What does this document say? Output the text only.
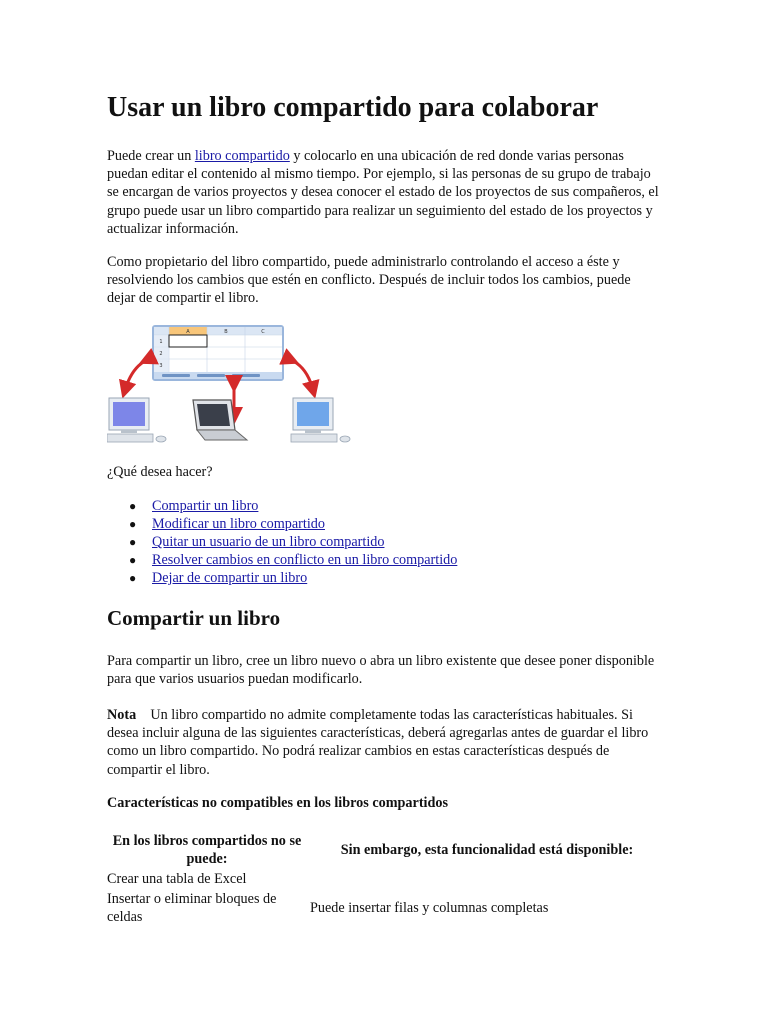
Usar un libro compartido para colaborar

Puede crear un libro compartido y colocarlo en una ubicación de red donde varias personas puedan editar el contenido al mismo tiempo. Por ejemplo, si las personas de su grupo de trabajo se encargan de varios proyectos y desea conocer el estado de los proyectos de sus compañeros, el grupo puede usar un libro compartido para realizar un seguimiento del estado de los proyectos y actualizar información.

Como propietario del libro compartido, puede administrarlo controlando el acceso a éste y resolviendo los cambios que estén en conflicto. Después de incluir todos los cambios, puede dejar de compartir el libro.

A	B	C
1
2
3

¿Qué desea hacer?

● Compartir un libro
● Modificar un libro compartido
● Quitar un usuario de un libro compartido
● Resolver cambios en conflicto en un libro compartido
● Dejar de compartir un libro
Compartir un libro

Para compartir un libro, cree un libro nuevo o abra un libro existente que desee poner disponible para que varios usuarios puedan modificarlo.

Nota Un libro compartido no admite completamente todas las características habituales. Si desea incluir alguna de las siguientes características, deberá agregarlas antes de guardar el libro como un libro compartido. No podrá realizar cambios en estas características después de compartir el libro.

Características no compatibles en los libros compartidos

En los libros compartidos no se puede:	Sin embargo, esta funcionalidad está disponible:
Crear una tabla de Excel	
Insertar o eliminar bloques de celdas	Puede insertar filas y columnas completas
